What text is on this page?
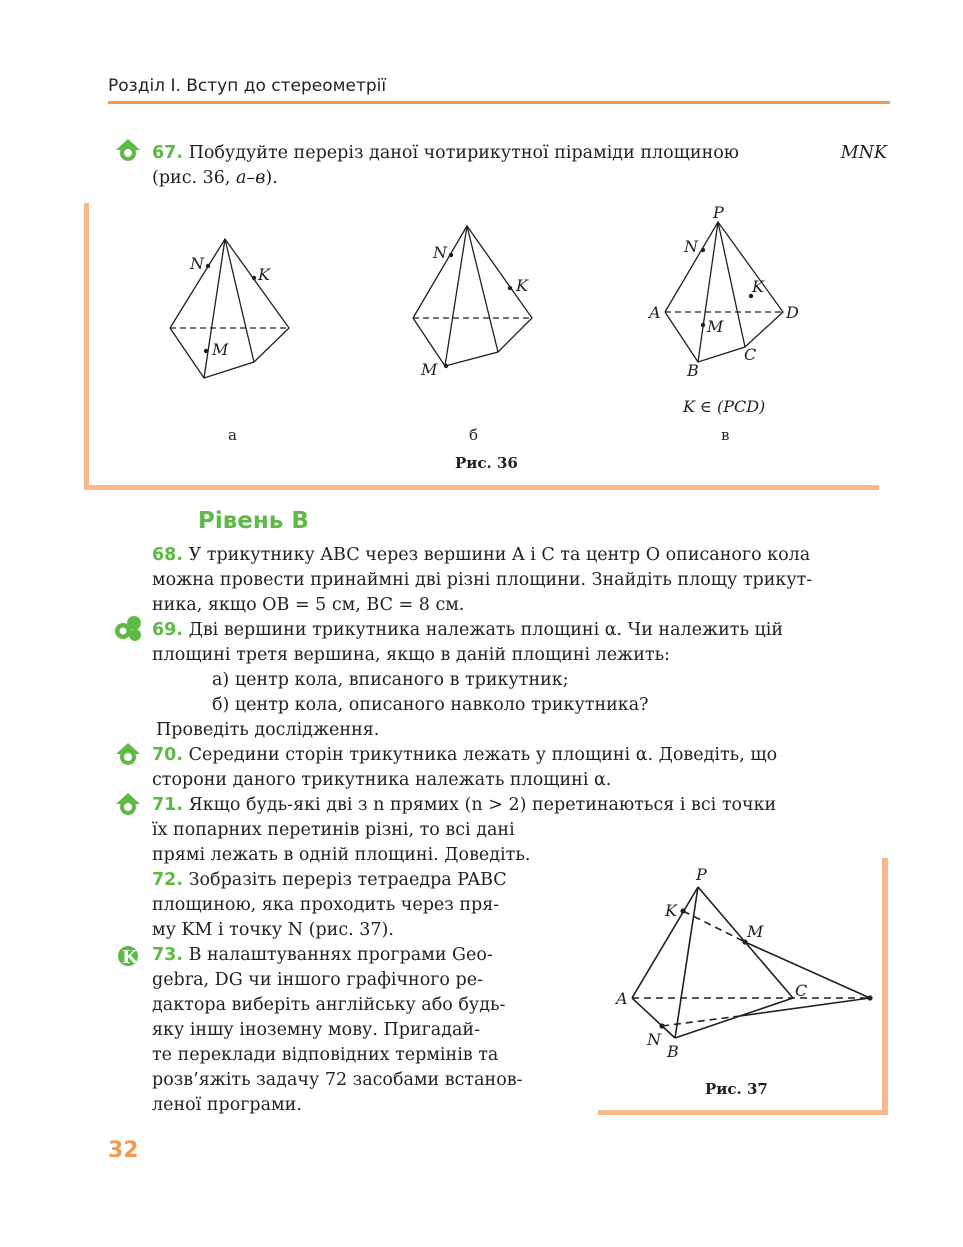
Розділ I. Вступ до стереометрії
67. Побудуйте переріз даної чотирикутної піраміди площиною	MNK
(рис. 36, а–в).
N
K
M
N
K
M
P
N
K
A
M
D
B
C
K ∈ (PCD)
а	б	в
Рис. 36
Рівень В
68. У трикутнику ABC через вершини A і C та центр O описаного кола
можна провести принаймні дві різні площини. Знайдіть площу трикут-
ника, якщо OB = 5 см, BC = 8 см.
69. Дві вершини трикутника належать площині α. Чи належить цій
площині третя вершина, якщо в даній площині лежить:
а) центр кола, вписаного в трикутник;
б) центр кола, описаного навколо трикутника?
Проведіть дослідження.
70. Середини сторін трикутника лежать у площині α. Доведіть, що
сторони даного трикутника належать площині α.
71. Якщо будь-які дві з n прямих (n > 2) перетинаються і всі точки
їх попарних перетинів різні, то всі дані
прямі лежать в одній площині. Доведіть.
72. Зобразіть переріз тетраедра PABC
площиною, яка проходить через пря-
му KM і точку N (рис. 37).
K 73. В налаштуваннях програми Geo-
gebra, DG чи іншого графічного ре-
дактора виберіть англійську або будь-
яку іншу іноземну мову. Пригадай-
те переклади відповідних термінів та
розв’яжіть задачу 72 засобами встанов-
леної програми.
P
K
M
A	C
N
B
Рис. 37
32
